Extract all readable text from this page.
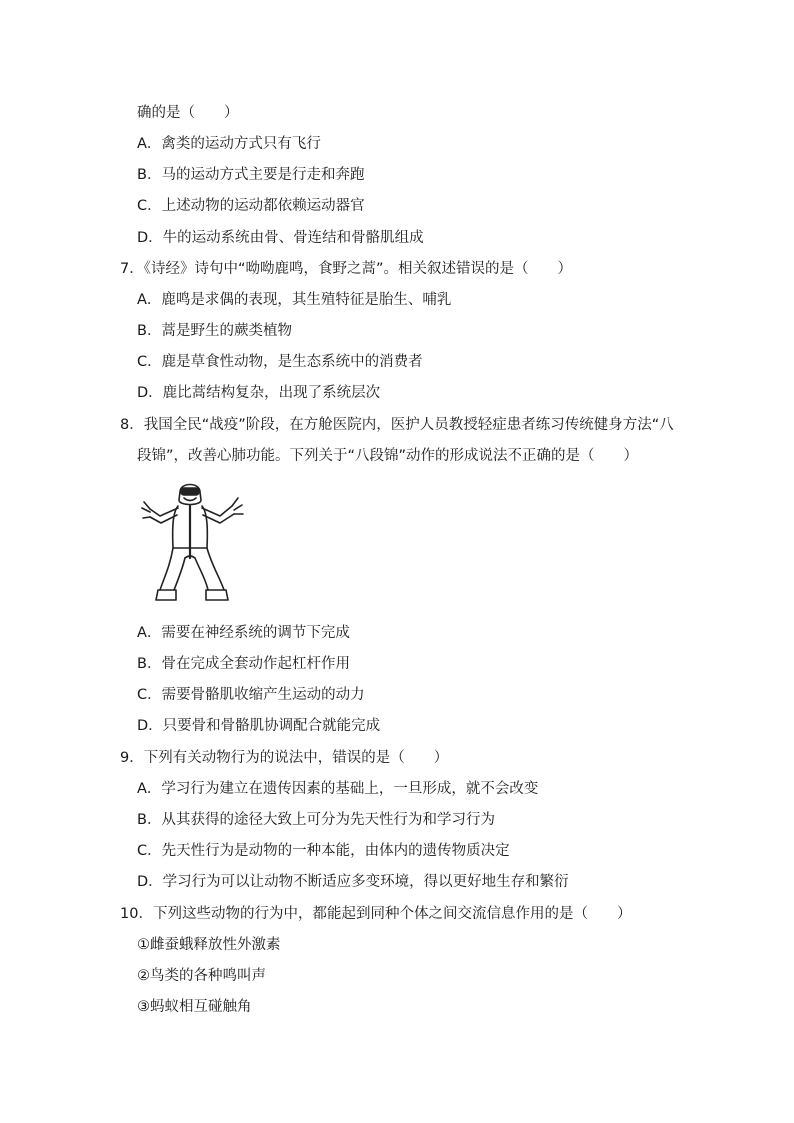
确的是（　　）
A．禽类的运动方式只有飞行
B．马的运动方式主要是行走和奔跑
C．上述动物的运动都依赖运动器官
D．牛的运动系统由骨、骨连结和骨骼肌组成
7．《诗经》诗句中“呦呦鹿鸣，食野之蒿”。相关叙述错误的是（　　）
A．鹿鸣是求偶的表现，其生殖特征是胎生、哺乳
B．蒿是野生的蕨类植物
C．鹿是草食性动物，是生态系统中的消费者
D．鹿比蒿结构复杂，出现了系统层次
8．我国全民“战疫”阶段，在方舱医院内，医护人员教授轻症患者练习传统健身方法“八
段锦”，改善心肺功能。下列关于“八段锦”动作的形成说法不正确的是（　　）
A．需要在神经系统的调节下完成
B．骨在完成全套动作起杠杆作用
C．需要骨骼肌收缩产生运动的动力
D．只要骨和骨骼肌协调配合就能完成
9．下列有关动物行为的说法中，错误的是（　　）
A．学习行为建立在遗传因素的基础上，一旦形成，就不会改变
B．从其获得的途径大致上可分为先天性行为和学习行为
C．先天性行为是动物的一种本能，由体内的遗传物质决定
D．学习行为可以让动物不断适应多变环境，得以更好地生存和繁衍
10．下列这些动物的行为中，都能起到同种个体之间交流信息作用的是（　　）
①雌蚕蛾释放性外激素
②鸟类的各种鸣叫声
③蚂蚁相互碰触角
